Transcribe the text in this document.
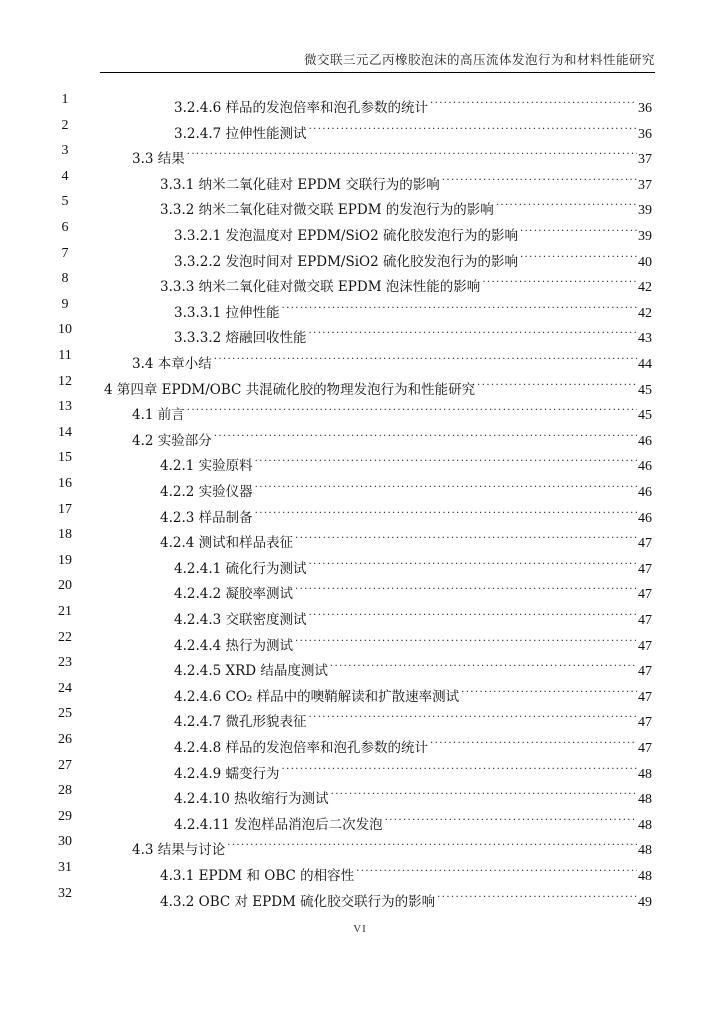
微交联三元乙丙橡胶泡沫的高压流体发泡行为和材料性能研究
1
3.2.4.6 样品的发泡倍率和泡孔参数的统计 .....	36
2
3.2.4.7 拉伸性能测试 .....	36
3
3.3 结果 .....	37
4
3.3.1 纳米二氧化硅对 EPDM 交联行为的影响 .....	37
5
3.3.2 纳米二氧化硅对微交联 EPDM 的发泡行为的影响 .....	39
6
3.3.2.1 发泡温度对 EPDM/SiO2 硫化胶发泡行为的影响 .....	39
7
3.3.2.2 发泡时间对 EPDM/SiO2 硫化胶发泡行为的影响 .....	40
8
3.3.3 纳米二氧化硅对微交联 EPDM 泡沫性能的影响 .....	42
9
3.3.3.1 拉伸性能 .....	42
10
3.3.3.2 熔融回收性能 .....	43
11
3.4 本章小结 .....	44
12
4 第四章 EPDM/OBC 共混硫化胶的物理发泡行为和性能研究 .....	45
13
4.1 前言 .....	45
14
4.2 实验部分 .....	46
15
4.2.1 实验原料 .....	46
16
4.2.2 实验仪器 .....	46
17
4.2.3 样品制备 .....	46
18
4.2.4 测试和样品表征 .....	47
19
4.2.4.1 硫化行为测试 .....	47
20
4.2.4.2 凝胶率测试 .....	47
21
4.2.4.3 交联密度测试 .....	47
22
4.2.4.4 热行为测试 .....	47
23
4.2.4.5 XRD 结晶度测试 .....	47
24
4.2.4.6 CO₂ 样品中的噢鞘解读和扩散速率测试 .....	47
25
4.2.4.7 微孔形貌表征 .....	47
26
4.2.4.8 样品的发泡倍率和泡孔参数的统计 .....	47
27
4.2.4.9 蠕变行为 .....	48
28
4.2.4.10 热收缩行为测试 .....	48
29
4.2.4.11 发泡样品消泡后二次发泡 .....	48
30
4.3 结果与讨论 .....	48
31
4.3.1 EPDM 和 OBC 的相容性 .....	48
32
4.3.2 OBC 对 EPDM 硫化胶交联行为的影响 .....	49
VI
